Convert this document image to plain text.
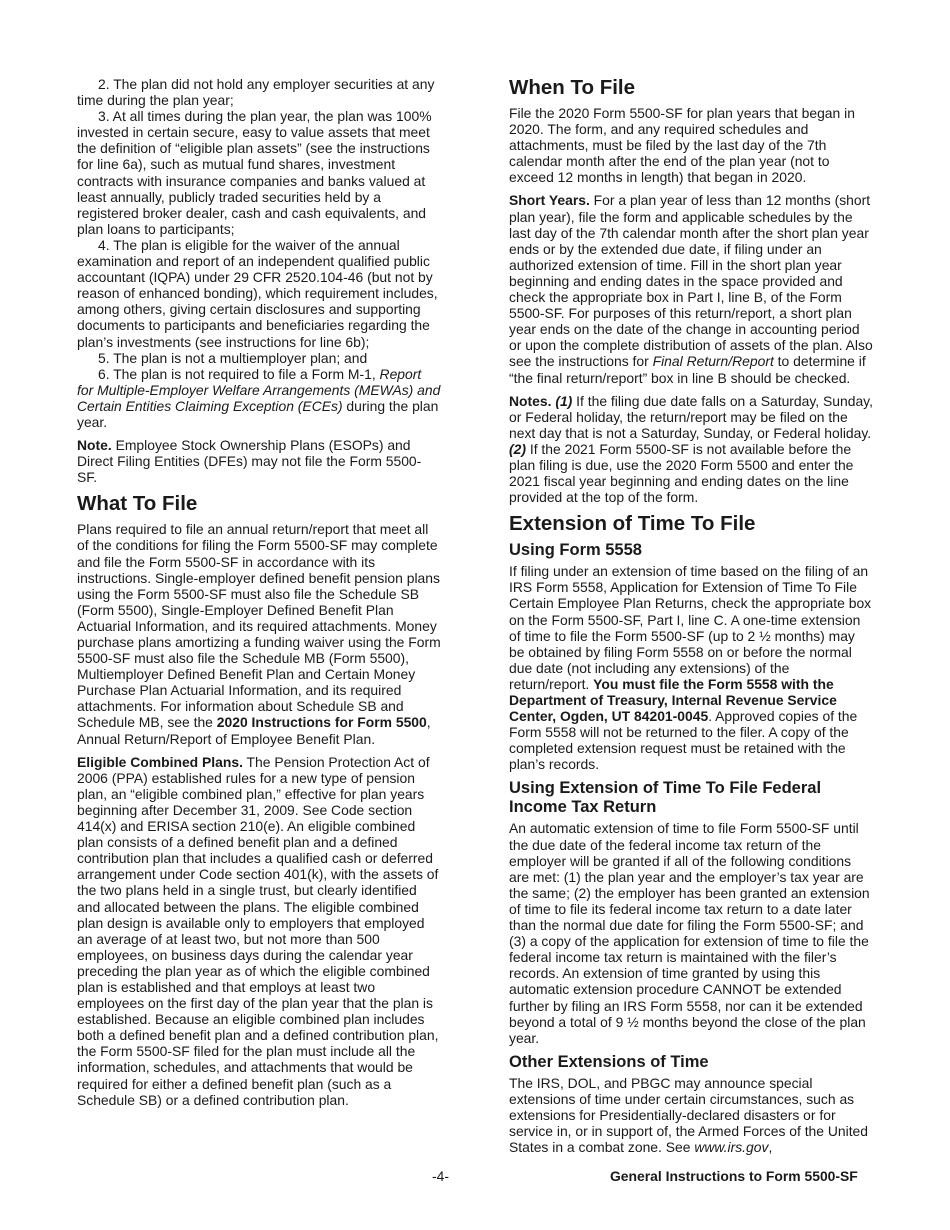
2. The plan did not hold any employer securities at any time during the plan year;

3. At all times during the plan year, the plan was 100% invested in certain secure, easy to value assets that meet the definition of “eligible plan assets” (see the instructions for line 6a), such as mutual fund shares, investment contracts with insurance companies and banks valued at least annually, publicly traded securities held by a registered broker dealer, cash and cash equivalents, and plan loans to participants;

4. The plan is eligible for the waiver of the annual examination and report of an independent qualified public accountant (IQPA) under 29 CFR 2520.104-46 (but not by reason of enhanced bonding), which requirement includes, among others, giving certain disclosures and supporting documents to participants and beneficiaries regarding the plan’s investments (see instructions for line 6b);

5. The plan is not a multiemployer plan; and

6. The plan is not required to file a Form M-1, Report for Multiple-Employer Welfare Arrangements (MEWAs) and Certain Entities Claiming Exception (ECEs) during the plan year.

Note. Employee Stock Ownership Plans (ESOPs) and Direct Filing Entities (DFEs) may not file the Form 5500-SF.

What To File

Plans required to file an annual return/report that meet all of the conditions for filing the Form 5500-SF may complete and file the Form 5500-SF in accordance with its instructions. Single-employer defined benefit pension plans using the Form 5500-SF must also file the Schedule SB (Form 5500), Single-Employer Defined Benefit Plan Actuarial Information, and its required attachments. Money purchase plans amortizing a funding waiver using the Form 5500-SF must also file the Schedule MB (Form 5500), Multiemployer Defined Benefit Plan and Certain Money Purchase Plan Actuarial Information, and its required attachments. For information about Schedule SB and Schedule MB, see the 2020 Instructions for Form 5500, Annual Return/Report of Employee Benefit Plan.

Eligible Combined Plans. The Pension Protection Act of 2006 (PPA) established rules for a new type of pension plan, an “eligible combined plan,” effective for plan years beginning after December 31, 2009. See Code section 414(x) and ERISA section 210(e). An eligible combined plan consists of a defined benefit plan and a defined contribution plan that includes a qualified cash or deferred arrangement under Code section 401(k), with the assets of the two plans held in a single trust, but clearly identified and allocated between the plans. The eligible combined plan design is available only to employers that employed an average of at least two, but not more than 500 employees, on business days during the calendar year preceding the plan year as of which the eligible combined plan is established and that employs at least two employees on the first day of the plan year that the plan is established. Because an eligible combined plan includes both a defined benefit plan and a defined contribution plan, the Form 5500-SF filed for the plan must include all the information, schedules, and attachments that would be required for either a defined benefit plan (such as a Schedule SB) or a defined contribution plan.

When To File

File the 2020 Form 5500-SF for plan years that began in 2020. The form, and any required schedules and attachments, must be filed by the last day of the 7th calendar month after the end of the plan year (not to exceed 12 months in length) that began in 2020.

Short Years. For a plan year of less than 12 months (short plan year), file the form and applicable schedules by the last day of the 7th calendar month after the short plan year ends or by the extended due date, if filing under an authorized extension of time. Fill in the short plan year beginning and ending dates in the space provided and check the appropriate box in Part I, line B, of the Form 5500-SF. For purposes of this return/report, a short plan year ends on the date of the change in accounting period or upon the complete distribution of assets of the plan. Also see the instructions for Final Return/Report to determine if “the final return/report” box in line B should be checked.

Notes. (1) If the filing due date falls on a Saturday, Sunday, or Federal holiday, the return/report may be filed on the next day that is not a Saturday, Sunday, or Federal holiday. (2) If the 2021 Form 5500-SF is not available before the plan filing is due, use the 2020 Form 5500 and enter the 2021 fiscal year beginning and ending dates on the line provided at the top of the form.

Extension of Time To File
Using Form 5558

If filing under an extension of time based on the filing of an IRS Form 5558, Application for Extension of Time To File Certain Employee Plan Returns, check the appropriate box on the Form 5500-SF, Part I, line C. A one-time extension of time to file the Form 5500-SF (up to 2 ½ months) may be obtained by filing Form 5558 on or before the normal due date (not including any extensions) of the return/report. You must file the Form 5558 with the Department of Treasury, Internal Revenue Service Center, Ogden, UT 84201-0045. Approved copies of the Form 5558 will not be returned to the filer. A copy of the completed extension request must be retained with the plan’s records.

Using Extension of Time To File Federal Income Tax Return

An automatic extension of time to file Form 5500-SF until the due date of the federal income tax return of the employer will be granted if all of the following conditions are met: (1) the plan year and the employer’s tax year are the same; (2) the employer has been granted an extension of time to file its federal income tax return to a date later than the normal due date for filing the Form 5500-SF; and (3) a copy of the application for extension of time to file the federal income tax return is maintained with the filer’s records. An extension of time granted by using this automatic extension procedure CANNOT be extended further by filing an IRS Form 5558, nor can it be extended beyond a total of 9 ½ months beyond the close of the plan year.

Other Extensions of Time

The IRS, DOL, and PBGC may announce special extensions of time under certain circumstances, such as extensions for Presidentially-declared disasters or for service in, or in support of, the Armed Forces of the United States in a combat zone. See www.irs.gov,

-4-	General Instructions to Form 5500-SF
